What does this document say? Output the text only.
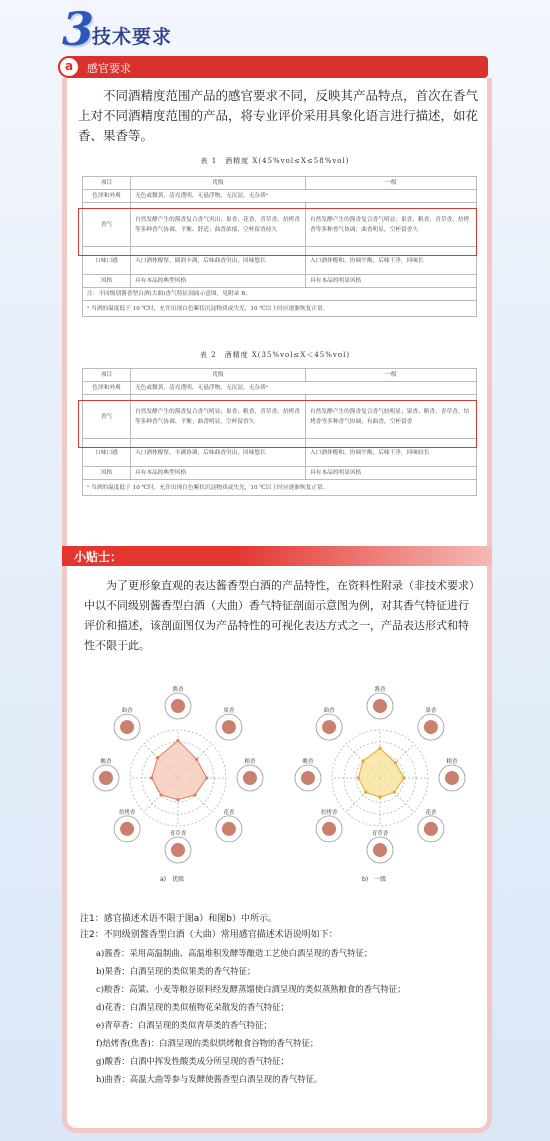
3
技术要求
a	感官要求

不同酒精度范围产品的感官要求不同，反映其产品特点，首次在香气上对不同酒精度范围的产品，将专业评价采用具象化语言进行描述，如花香、果香等。

表 1　酒精度 X(45%vol≤X≤58%vol)
项目	优级	一级
色泽和外观	无色或微黄，清亮透明，无悬浮物，无沉淀，无杂质ᵃ	
香气	自然发酵产生的酱香复合香气突出；果香、花香、青草香、焙烤香等多种香气协调、平衡、舒适；曲香浓郁，空杯留香持久	自然发酵产生的酱香复合香气明显；果香、粮香、青草香、焙烤香等多种香气协调；曲香明显，空杯留香久
口味口感	入口酒体醇厚，圆润丰满，后味曲香突出，回味悠长	入口酒体醇和，协调平衡，后味干净，回味长
风格	具有本品的典型风格	具有本品的明显风格
注：不同级别酱香型白酒(大曲)香气特征剖面示意图，见附录 B。		
ᵃ 当酒的温度低于 10 ℃时，允许出现白色絮状沉淀物质或失光，10 ℃以上时应逐渐恢复正常。		
表 2　酒精度 X(35%vol≤X＜45%vol)
项目	优级	一级
色泽和外观	无色或微黄，清亮透明，无悬浮物，无沉淀，无杂质ᵃ	
香气	自然发酵产生的酱香复合香气明显；果香、粮香、青草香、焙烤香等多种香气协调、平衡；曲香明显，空杯留香久	自然发酵产生的酱香复合香气较明显；果香、粮香、青草香、焙烤香等多种香气协调；有曲香，空杯留香
口味口感	入口酒体醇厚，丰满协调，后味曲香突出，回味悠长	入口酒体醇和，协调平衡，后味干净，回味较长
风格	具有本品的典型风格	具有本品的明显风格
ᵃ 当酒的温度低于 10 ℃时，允许出现白色絮状沉淀物质或失光，10 ℃以上时应逐渐恢复正常。		
小贴士：

为了更形象直观的表达酱香型白酒的产品特性，在资料性附录（非技术要求）中以不同级别酱香型白酒（大曲）香气特征剖面示意图为例，对其香气特征进行评价和描述，该剖面图仅为产品特性的可视化表达方式之一，产品表达形式和特性不限于此。

酱香
果香
粮香
花香
青草香
焙烤香
酸香
曲香
a)　优级
酱香
果香
粮香
花香
青草香
焙烤香
酸香
曲香
b)　一级
注1：感官描述术语不限于图a）和图b）中所示。
注2：不同级别酱香型白酒（大曲）常用感官描述术语说明如下：
a)酱香：采用高温制曲、高温堆积发酵等酿造工艺使白酒呈现的香气特征；
b)果香：白酒呈现的类似果类的香气特征；
c)粮香：高粱、小麦等粮谷原料经发酵蒸馏使白酒呈现的类似蒸熟粮食的香气特征；
d)花香：白酒呈现的类似植物花朵散发的香气特征；
e)青草香：白酒呈现的类似青草类的香气特征；
f)焙烤香(焦香)：白酒呈现的类似烘烤粮食谷物的香气特征；
g)酸香：白酒中挥发性酸类成分所呈现的香气特征；
h)曲香：高温大曲等参与发酵使酱香型白酒呈现的香气特征。
